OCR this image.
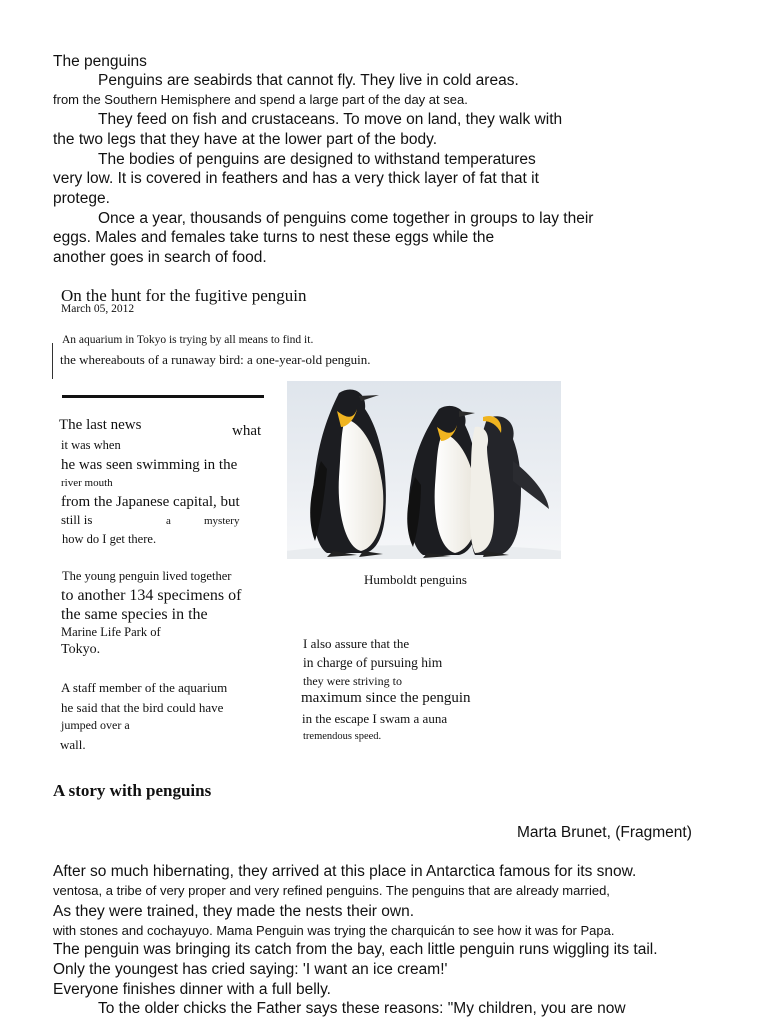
The penguins
Penguins are seabirds that cannot fly. They live in cold areas.
from the Southern Hemisphere and spend a large part of the day at sea.
They feed on fish and crustaceans. To move on land, they walk with
the two legs that they have at the lower part of the body.
The bodies of penguins are designed to withstand temperatures
very low. It is covered in feathers and has a very thick layer of fat that it
protege.
Once a year, thousands of penguins come together in groups to lay their
eggs. Males and females take turns to nest these eggs while the
another goes in search of food.
On the hunt for the fugitive penguin
March 05, 2012
An aquarium in Tokyo is trying by all means to find it.
the whereabouts of a runaway bird: a one-year-old penguin.
The last news	what
it was when
he was seen swimming in the
river mouth
from the Japanese capital, but
still is	a	mystery
how do I get there.
The young penguin lived together
to another 134 specimens of
the same species in the
Marine Life Park of
Tokyo.
A staff member of the aquarium
he said that the bird could have
jumped over a
wall.
Humboldt penguins
I also assure that the
in charge of pursuing him
they were striving to
maximum since the penguin
in the escape I swam a auna
tremendous speed.
A story with penguins
Marta Brunet, (Fragment)
After so much hibernating, they arrived at this place in Antarctica famous for its snow.
ventosa, a tribe of very proper and very refined penguins. The penguins that are already married,
As they were trained, they made the nests their own.
with stones and cochayuyo. Mama Penguin was trying the charquicán to see how it was for Papa.
The penguin was bringing its catch from the bay, each little penguin runs wiggling its tail.
Only the youngest has cried saying: 'I want an ice cream!'
Everyone finishes dinner with a full belly.
To the older chicks the Father says these reasons: "My children, you are now
